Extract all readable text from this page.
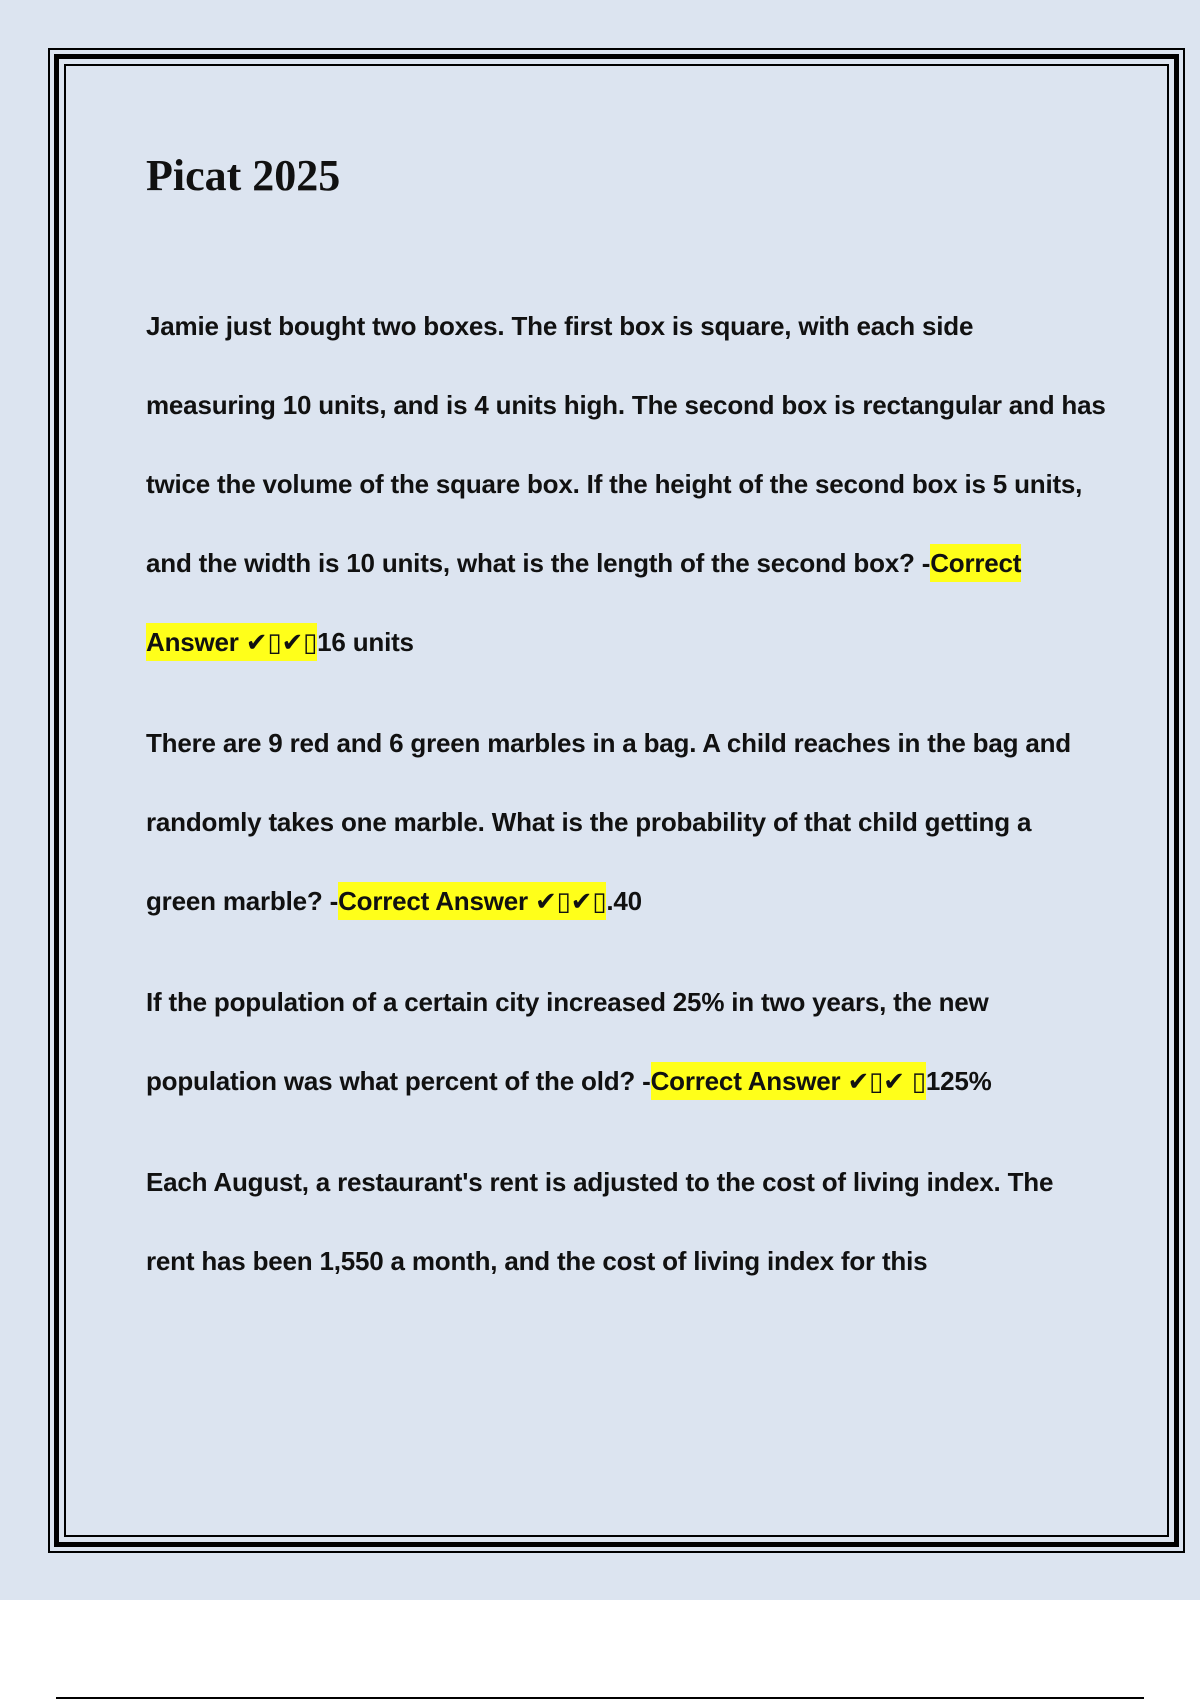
Picat 2025

Jamie just bought two boxes. The first box is square, with each side measuring 10 units, and is 4 units high. The second box is rectangular and has twice the volume of the square box. If the height of the second box is 5 units, and the width is 10 units, what is the length of the second box? -Correct Answer ✔▯✔▯16 units

There are 9 red and 6 green marbles in a bag. A child reaches in the bag and randomly takes one marble. What is the probability of that child getting a green marble? -Correct Answer ✔▯✔▯.40

If the population of a certain city increased 25% in two years, the new population was what percent of the old? -Correct Answer ✔▯✔ ▯125%

Each August, a restaurant's rent is adjusted to the cost of living index. The rent has been 1,550 a month, and the cost of living index for this
